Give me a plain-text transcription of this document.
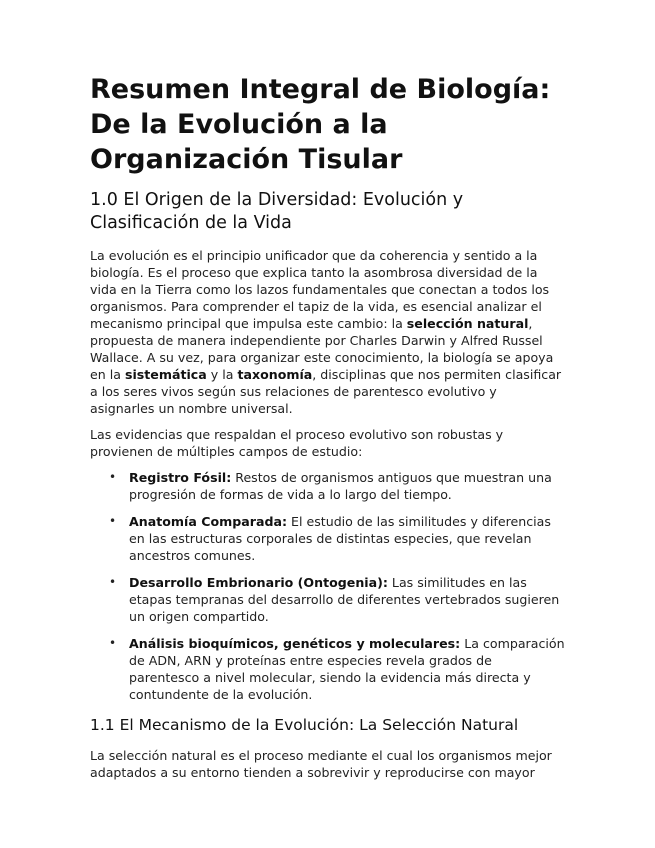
Resumen Integral de Biología: De la Evolución a la Organización Tisular
1.0 El Origen de la Diversidad: Evolución y Clasificación de la Vida

La evolución es el principio unificador que da coherencia y sentido a la biología. Es el proceso que explica tanto la asombrosa diversidad de la vida en la Tierra como los lazos fundamentales que conectan a todos los organismos. Para comprender el tapiz de la vida, es esencial analizar el mecanismo principal que impulsa este cambio: la selección natural, propuesta de manera independiente por Charles Darwin y Alfred Russel Wallace. A su vez, para organizar este conocimiento, la biología se apoya en la sistemática y la taxonomía, disciplinas que nos permiten clasificar a los seres vivos según sus relaciones de parentesco evolutivo y asignarles un nombre universal.

Las evidencias que respaldan el proceso evolutivo son robustas y provienen de múltiples campos de estudio:

• Registro Fósil: Restos de organismos antiguos que muestran una progresión de formas de vida a lo largo del tiempo.
• Anatomía Comparada: El estudio de las similitudes y diferencias en las estructuras corporales de distintas especies, que revelan ancestros comunes.
• Desarrollo Embrionario (Ontogenia): Las similitudes en las etapas tempranas del desarrollo de diferentes vertebrados sugieren un origen compartido.
• Análisis bioquímicos, genéticos y moleculares: La comparación de ADN, ARN y proteínas entre especies revela grados de parentesco a nivel molecular, siendo la evidencia más directa y contundente de la evolución.
1.1 El Mecanismo de la Evolución: La Selección Natural

La selección natural es el proceso mediante el cual los organismos mejor adaptados a su entorno tienden a sobrevivir y reproducirse con mayor
